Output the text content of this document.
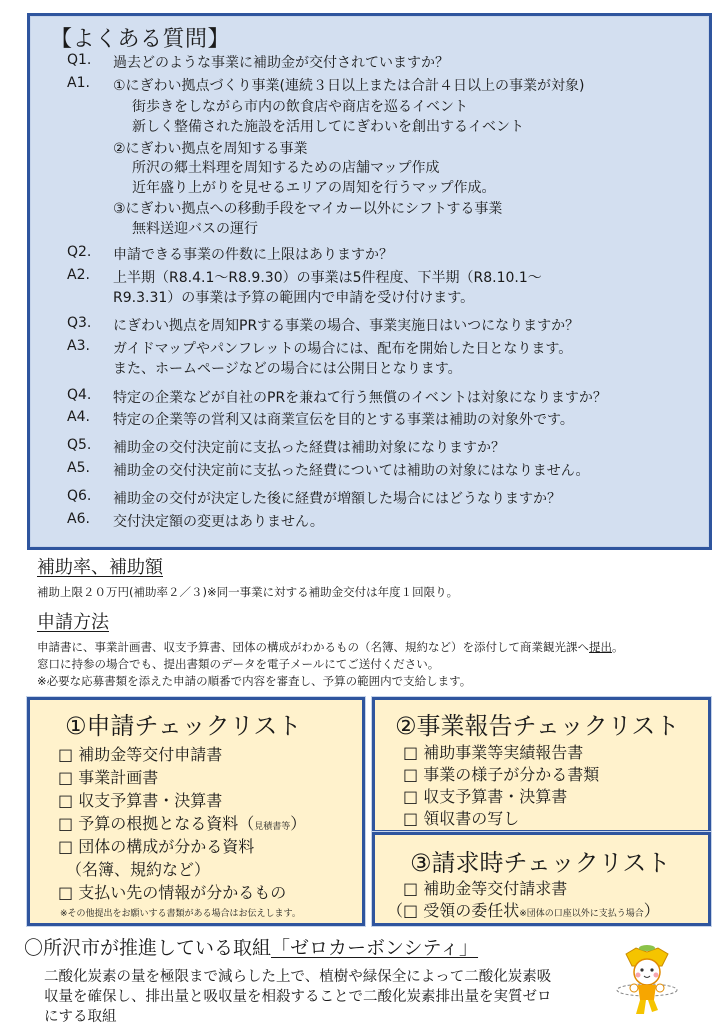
【よくある質問】
Q1. 過去どのような事業に補助金が交付されていますか？
A1. ①にぎわい拠点づくり事業(連続３日以上または合計４日以上の事業が対象)
街歩きをしながら市内の飲食店や商店を巡るイベント
新しく整備された施設を活用してにぎわいを創出するイベント
②にぎわい拠点を周知する事業
所沢の郷土料理を周知するための店舗マップ作成
近年盛り上がりを見せるエリアの周知を行うマップ作成。
③にぎわい拠点への移動手段をマイカー以外にシフトする事業
無料送迎バスの運行
Q2. 申請できる事業の件数に上限はありますか？
A2. 上半期（R8.4.1～R8.9.30）の事業は5件程度、下半期（R8.10.1～
R9.3.31）の事業は予算の範囲内で申請を受け付けます。
Q3. にぎわい拠点を周知PRする事業の場合、事業実施日はいつになりますか？
A3. ガイドマップやパンフレットの場合には、配布を開始した日となります。
また、ホームページなどの場合には公開日となります。
Q4. 特定の企業などが自社のPRを兼ねて行う無償のイベントは対象になりますか？
A4. 特定の企業等の営利又は商業宣伝を目的とする事業は補助の対象外です。
Q5. 補助金の交付決定前に支払った経費は補助対象になりますか？
A5. 補助金の交付決定前に支払った経費については補助の対象にはなりません。
Q6. 補助金の交付が決定した後に経費が増額した場合にはどうなりますか？
A6. 交付決定額の変更はありません。
補助率、補助額
補助上限２０万円(補助率２／３)※同一事業に対する補助金交付は年度１回限り。
申請方法
申請書に、事業計画書、収支予算書、団体の構成がわかるもの（名簿、規約など）を添付して商業観光課へ提出。
窓口に持参の場合でも、提出書類のデータを電子メールにてご送付ください。
※必要な応募書類を添えた申請の順番で内容を審査し、予算の範囲内で支給します。
①申請チェックリスト
□ 補助金等交付申請書
□ 事業計画書
□ 収支予算書・決算書
□ 予算の根拠となる資料（見積書等）
□ 団体の構成が分かる資料
　（名簿、規約など）
□ 支払い先の情報が分かるもの
※その他提出をお願いする書類がある場合はお伝えします。
②事業報告チェックリスト
□ 補助事業等実績報告書
□ 事業の様子が分かる書類
□ 収支予算書・決算書
□ 領収書の写し
③請求時チェックリスト
□ 補助金等交付請求書
（□ 受領の委任状※団体の口座以外に支払う場合）
〇所沢市が推進している取組「ゼロカーボンシティ」
二酸化炭素の量を極限まで減らした上で、植樹や緑保全によって二酸化炭素吸
収量を確保し、排出量と吸収量を相殺することで二酸化炭素排出量を実質ゼロ
にする取組
